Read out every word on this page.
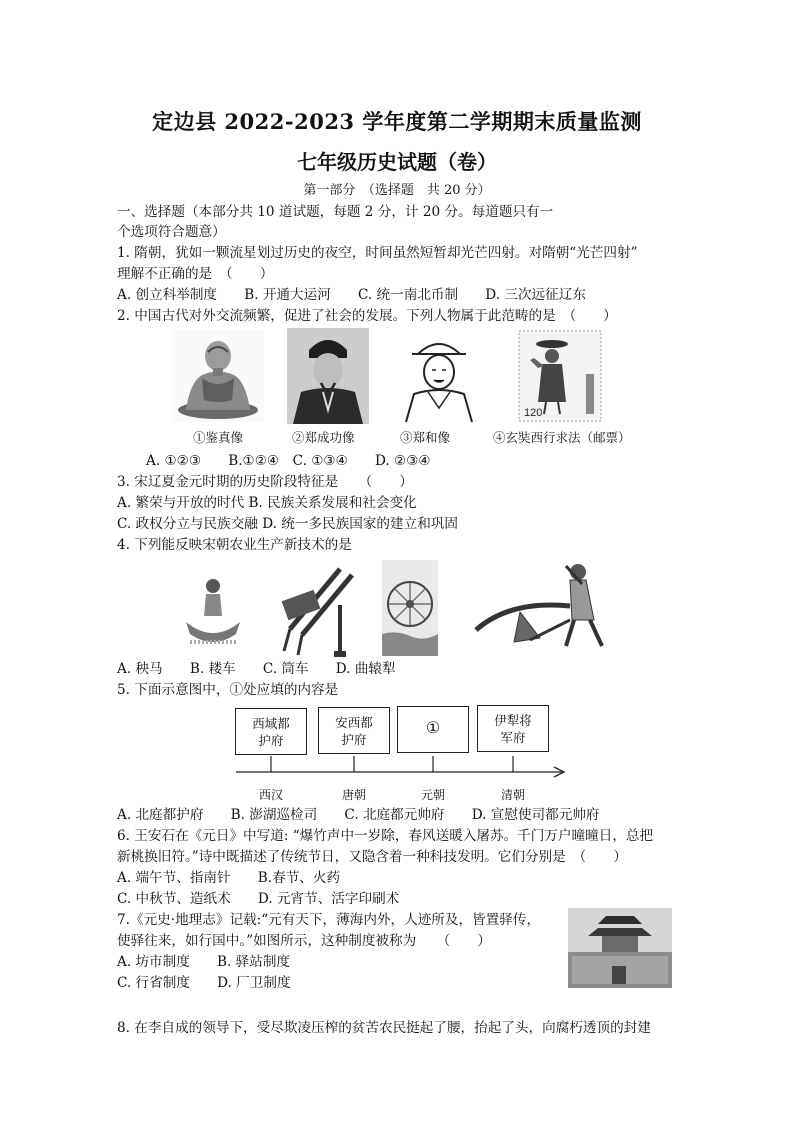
定边县 2022-2023 学年度第二学期期末质量监测
七年级历史试题（卷）
第一部分　（选择题　共 20 分）
一、选择题（本部分共 10 道试题，每题 2 分，计 20 分。每道题只有一
个选项符合题意）
1. 隋朝，犹如一颗流星划过历史的夜空，时间虽然短暂却光芒四射。对隋朝“光芒四射”
理解不正确的是　（　　）
A. 创立科举制度　　B. 开通大运河　　C. 统一南北币制　　D. 三次远征辽东
2. 中国古代对外交流频繁，促进了社会的发展。下列人物属于此范畴的是　（　　）
120
①鉴真像	②郑成功像	③郑和像	④玄奘西行求法（邮票）
A. ①②③　　B.①②④　C. ①③④　　D. ②③④
3. 宋辽夏金元时期的历史阶段特征是　　（　　）
A. 繁荣与开放的时代 B. 民族关系发展和社会变化
C. 政权分立与民族交融 D. 统一多民族国家的建立和巩固
4. 下列能反映宋朝农业生产新技术的是
A. 秧马　　B. 耧车　　C. 筒车　　D. 曲辕犁
5. 下面示意图中，①处应填的内容是
西域都护府
安西都护府
①	伊犁将军府
西汉	唐朝	元朝	清朝
A. 北庭都护府　　B. 澎湖巡检司　　C. 北庭都元帅府　　D. 宣慰使司都元帅府
6. 王安石在《元日》中写道: “爆竹声中一岁除，春风送暖入屠苏。千门万户曈曈日，总把
新桃换旧符。”诗中既描述了传统节日，又隐含着一种科技发明。它们分别是　（　　）
A. 端午节、指南针　　B.春节、火药
C. 中秋节、造纸术　　D. 元宵节、活字印刷术
7.《元史·地理志》记载:“元有天下，薄海内外，人迹所及，皆置驿传，
使驿往来，如行国中。”如图所示，这种制度被称为　　（　　）
A. 坊市制度　　B. 驿站制度
C. 行省制度　　D. 厂卫制度
8. 在李自成的领导下，受尽欺凌压榨的贫苦农民挺起了腰，抬起了头，向腐朽透顶的封建
